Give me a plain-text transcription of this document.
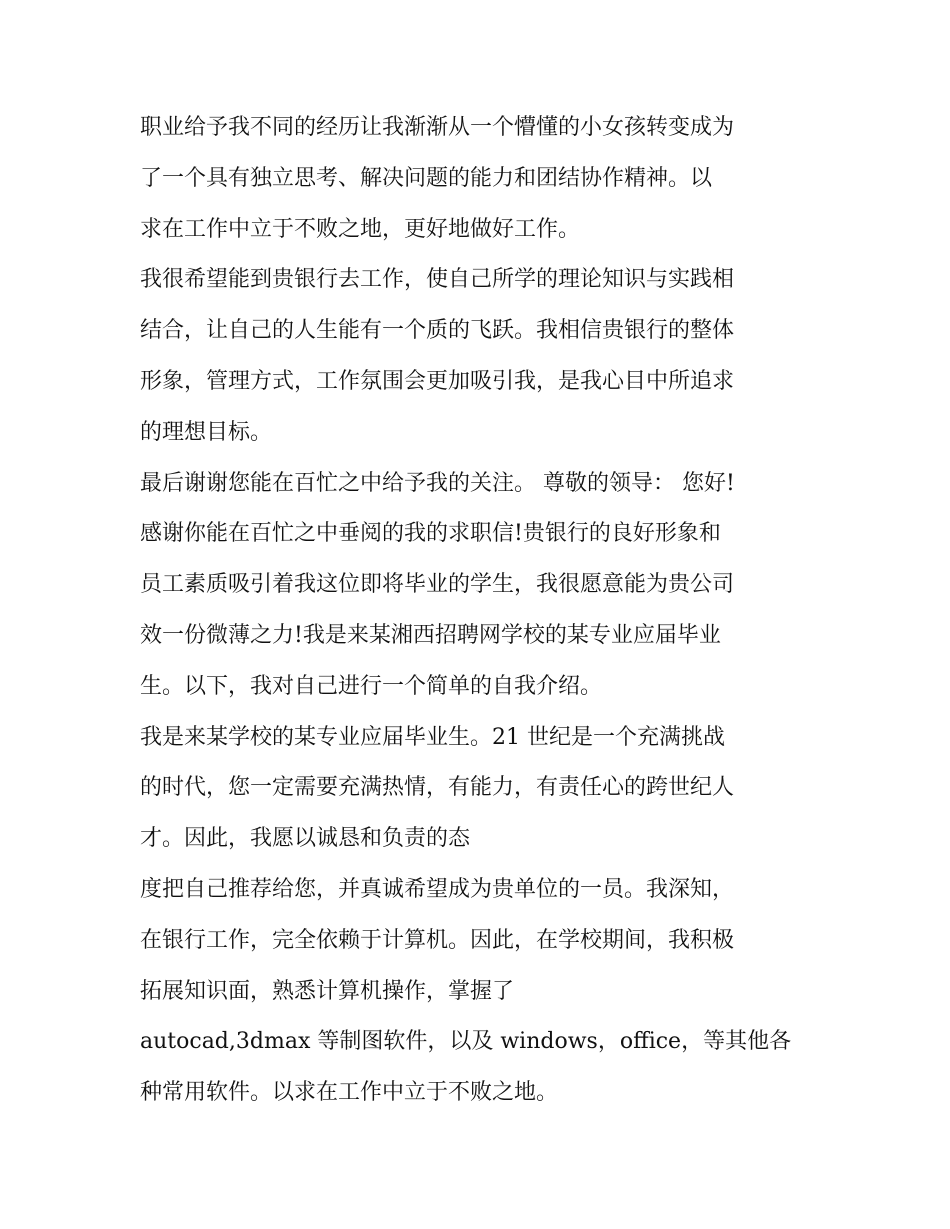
职业给予我不同的经历让我渐渐从一个懵懂的小女孩转变成为
了一个具有独立思考、解决问题的能力和团结协作精神。以
求在工作中立于不败之地，更好地做好工作。
我很希望能到贵银行去工作，使自己所学的理论知识与实践相
结合，让自己的人生能有一个质的飞跃。我相信贵银行的整体
形象，管理方式，工作氛围会更加吸引我，是我心目中所追求
的理想目标。
最后谢谢您能在百忙之中给予我的关注。 尊敬的领导： 您好!
感谢你能在百忙之中垂阅的我的求职信!贵银行的良好形象和
员工素质吸引着我这位即将毕业的学生，我很愿意能为贵公司
效一份微薄之力!我是来某湘西招聘网学校的某专业应届毕业
生。以下，我对自己进行一个简单的自我介绍。
我是来某学校的某专业应届毕业生。21 世纪是一个充满挑战
的时代，您一定需要充满热情，有能力，有责任心的跨世纪人
才。因此，我愿以诚恳和负责的态
度把自己推荐给您，并真诚希望成为贵单位的一员。我深知，
在银行工作，完全依赖于计算机。因此，在学校期间，我积极
拓展知识面，熟悉计算机操作，掌握了
autocad,3dmax 等制图软件，以及 windows，office，等其他各
种常用软件。以求在工作中立于不败之地。
